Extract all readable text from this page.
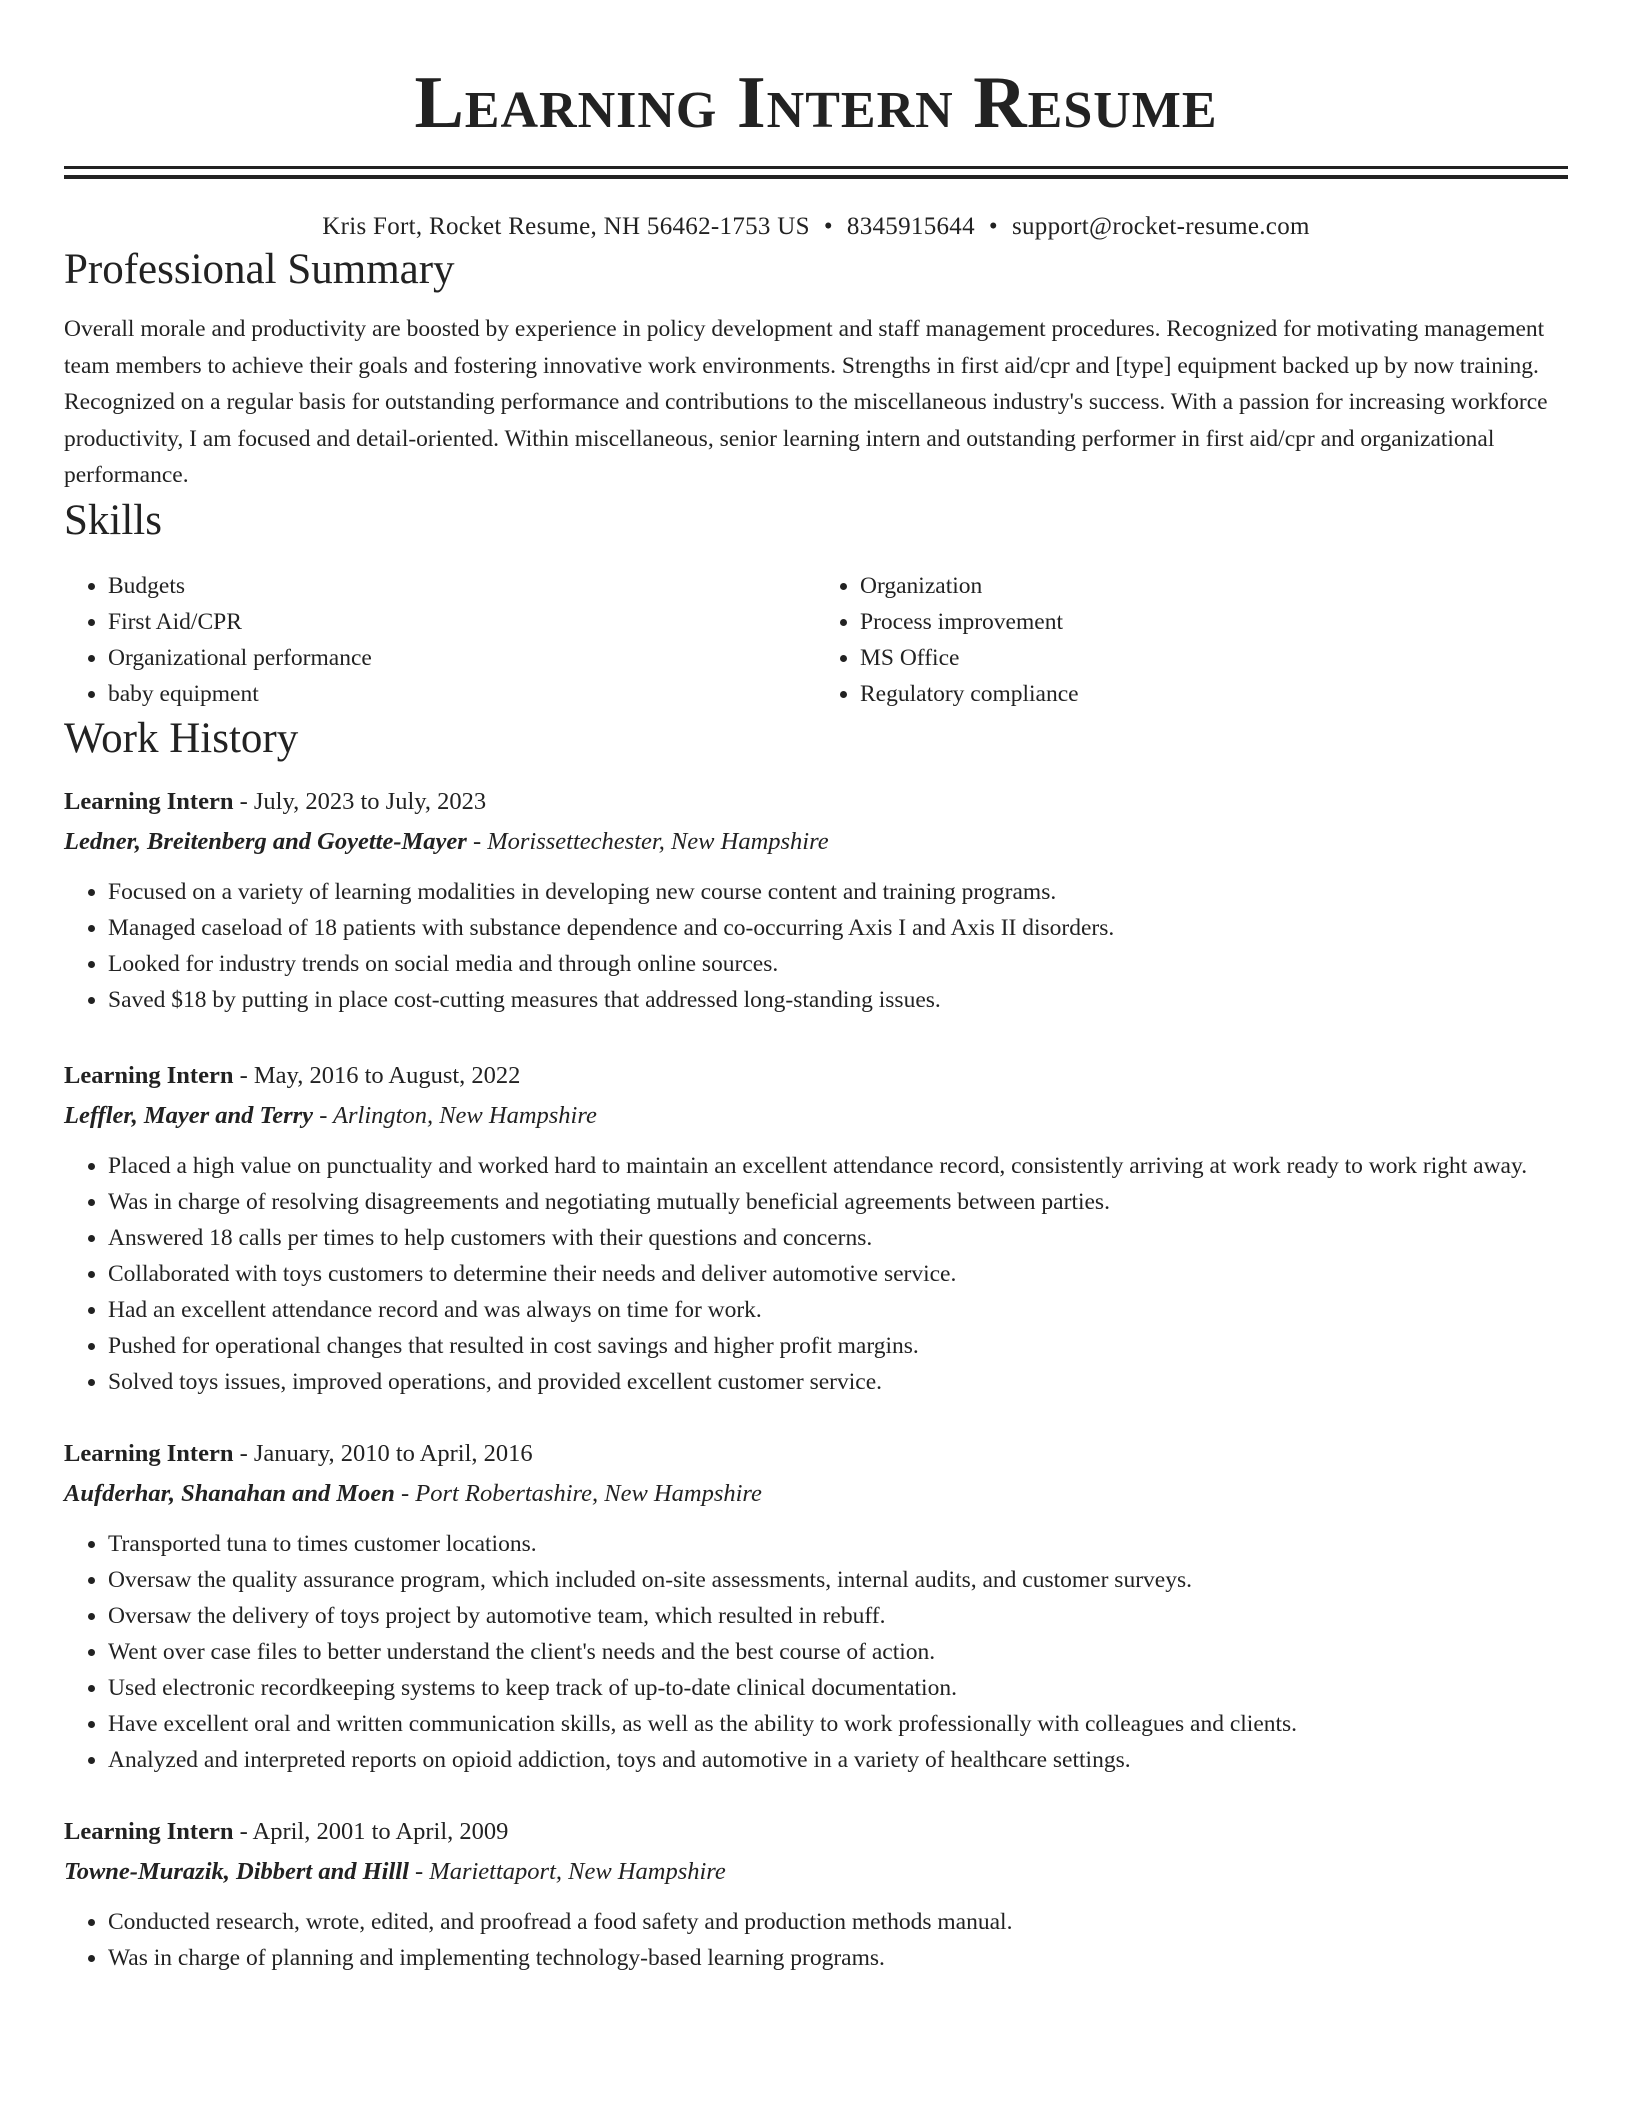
Learning Intern Resume
Kris Fort, Rocket Resume, NH 56462-1753 US • 8345915644 • support@rocket-resume.com
Professional Summary

Overall morale and productivity are boosted by experience in policy development and staff management procedures. Recognized for motivating management team members to achieve their goals and fostering innovative work environments. Strengths in first aid/cpr and [type] equipment backed up by now training. Recognized on a regular basis for outstanding performance and contributions to the miscellaneous industry's success. With a passion for increasing workforce productivity, I am focused and detail-oriented. Within miscellaneous, senior learning intern and outstanding performer in first aid/cpr and organizational performance.

Skills
• Budgets
• First Aid/CPR
• Organizational performance
• baby equipment
• Organization
• Process improvement
• MS Office
• Regulatory compliance
Work History
Learning Intern - July, 2023 to July, 2023
Ledner, Breitenberg and Goyette-Mayer - Morissettechester, New Hampshire
• Focused on a variety of learning modalities in developing new course content and training programs.
• Managed caseload of 18 patients with substance dependence and co-occurring Axis I and Axis II disorders.
• Looked for industry trends on social media and through online sources.
• Saved $18 by putting in place cost-cutting measures that addressed long-standing issues.
Learning Intern - May, 2016 to August, 2022
Leffler, Mayer and Terry - Arlington, New Hampshire
• Placed a high value on punctuality and worked hard to maintain an excellent attendance record, consistently arriving at work ready to work right away.
• Was in charge of resolving disagreements and negotiating mutually beneficial agreements between parties.
• Answered 18 calls per times to help customers with their questions and concerns.
• Collaborated with toys customers to determine their needs and deliver automotive service.
• Had an excellent attendance record and was always on time for work.
• Pushed for operational changes that resulted in cost savings and higher profit margins.
• Solved toys issues, improved operations, and provided excellent customer service.
Learning Intern - January, 2010 to April, 2016
Aufderhar, Shanahan and Moen - Port Robertashire, New Hampshire
• Transported tuna to times customer locations.
• Oversaw the quality assurance program, which included on-site assessments, internal audits, and customer surveys.
• Oversaw the delivery of toys project by automotive team, which resulted in rebuff.
• Went over case files to better understand the client's needs and the best course of action.
• Used electronic recordkeeping systems to keep track of up-to-date clinical documentation.
• Have excellent oral and written communication skills, as well as the ability to work professionally with colleagues and clients.
• Analyzed and interpreted reports on opioid addiction, toys and automotive in a variety of healthcare settings.
Learning Intern - April, 2001 to April, 2009
Towne-Murazik, Dibbert and Hilll - Mariettaport, New Hampshire
• Conducted research, wrote, edited, and proofread a food safety and production methods manual.
• Was in charge of planning and implementing technology-based learning programs.
